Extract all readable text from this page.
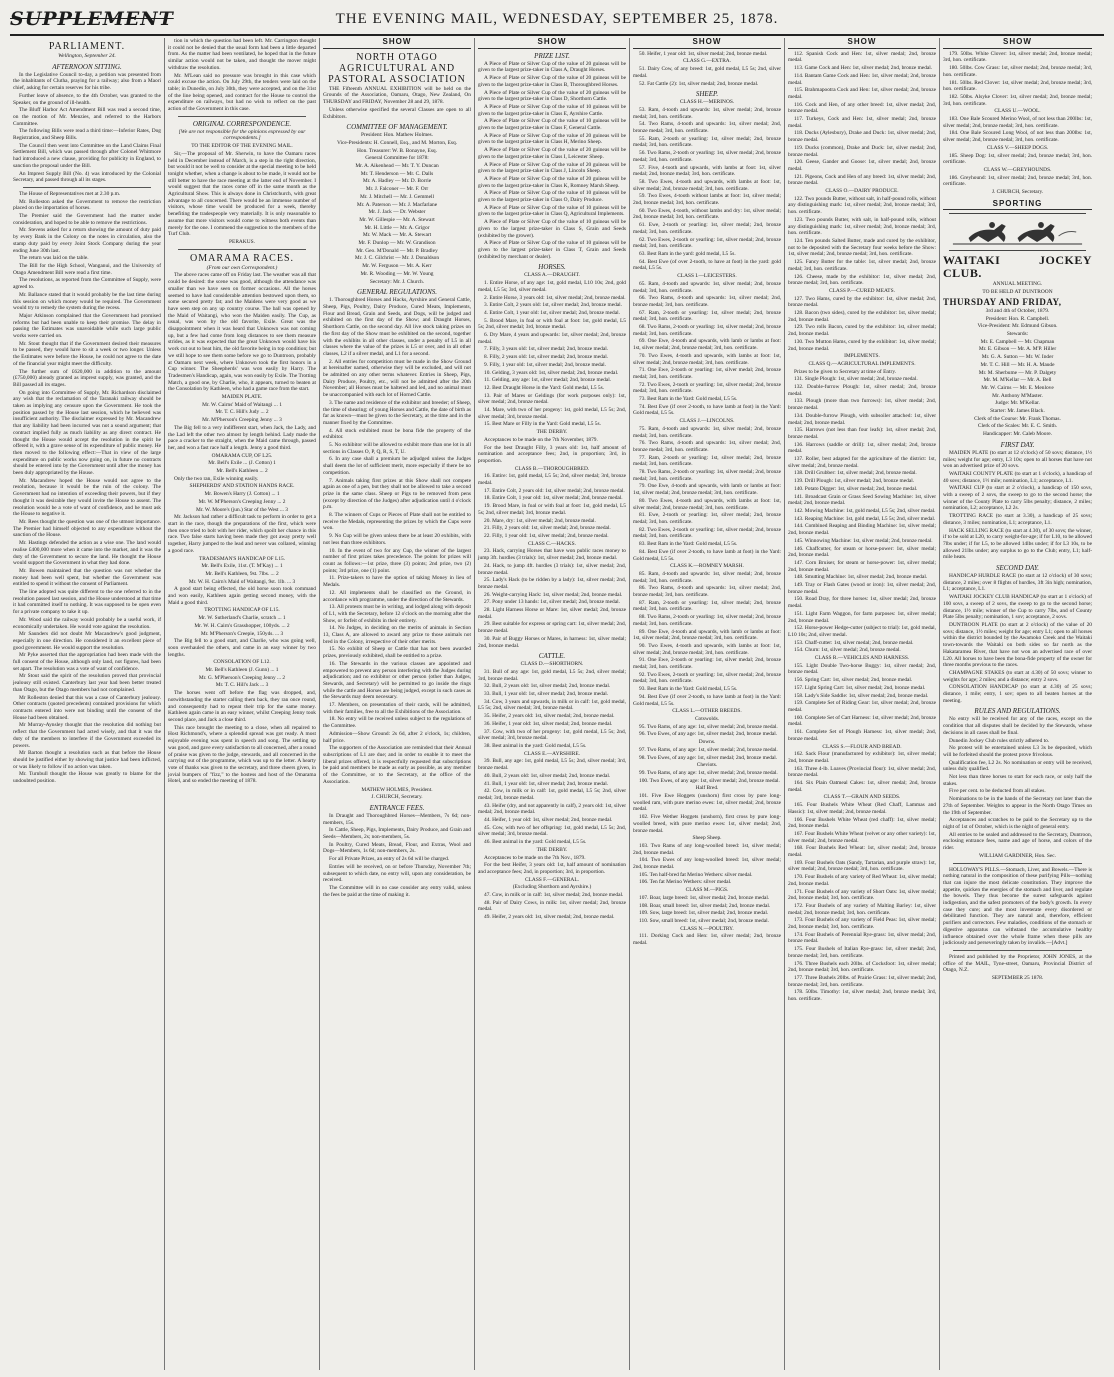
SUPPLEMENT	THE EVENING MAIL, WEDNESDAY, SEPTEMBER 25, 1878.
PARLIAMENT.
Wellington, September 24.
AFTERNOON SITTING.
In the Legislative Council to-day, a petition was presented from the inhabitants of Clutha, praying for a railway; also from a Maori chief, asking for certain reserves for his tribe.
Further leave of absence, to the 4th October, was granted to the Speaker, on the ground of ill-health.
The Bluff Harbor Act Amendment Bill was read a second time, on the motion of Mr. Menzies, and referred to the Harbors Committee.
The following Bills were read a third time:—Inferior Rates, Dog Registration, and Sheep Bills.
The Council then went into Committee on the Land Claims Final Settlement Bill, which was passed through after Colonel Whitmore had introduced a new clause, providing for publicity in England, to sanction the proposal under the Bill.
An Imprest Supply Bill (No. 4) was introduced by the Colonial Secretary, and passed through all its stages.
The House of Representatives met at 2.30 p.m.
Mr. Rolleston asked the Government to remove the restriction placed on the importation of horses.
The Premier said the Government had the matter under consideration, and hoped to be able to remove the restrictions.
Mr. Stevens asked for a return showing the amount of duty paid by every Bank in the Colony on the notes in circulation, also the stamp duty paid by every Joint Stock Company during the year ending June 30th last.
The return was laid on the table.
The Bill for the High School, Wanganui, and the University of Otago Amendment Bill were read a first time.
The resolutions, as reported from the Committee of Supply, were agreed to.
Mr. Ballance stated that it would probably be the last time during this session on which money would be required. The Government would try to remedy the system during the recess.
Major Atkinson complained that the Government had promised reforms but had been unable to keep their promise. The delay in passing the Estimates was unavoidable while such large public works were carried on.
Mr. Stout thought that if the Government desired their measures to be passed, they would have to sit a week or two longer. Unless the Estimates were before the House, he could not agree to the date of the financial year might meet the difficulty.
The further sum of £620,000 in addition to the amount (£750,000) already granted as imprest supply, was granted, and the Bill passed all its stages.
On going into Committee of Supply, Mr. Richardson disclaimed any wish that the reclamation of the Taranaki railway should be taken as implying any censure upon the Government. He took the position passed by the House last session, which he believed was insufficient authority. The disclaimer expressed by Mr. Macandrew that any liability had been incurred was not a sound argument; that contract implied fully as much liability as any direct contract. He thought the House would accept the resolution in the spirit he offered it, with a grave sense of its expenditure of public money. He then moved to the following effect:—That in view of the large expenditure on public works now going on, in future no contracts should be entered into by the Government until after the money has been duly appropriated by the House.
Mr. Macandrew hoped the House would not agree to the resolution, because it would be the ruin of the colony. The Government had no intention of exceeding their powers, but if they thought it was desirable they would invite the House to assent. The resolution would be a vote of want of confidence, and he must ask the House to negative it.
Mr. Rees thought the question was one of the utmost importance. The Premier had himself objected to any expenditure without the sanction of the House.
Mr. Hastings defended the action as a wise one. The land would realise £400,000 more when it came into the market, and it was the duty of the Government to secure the land. He thought the House would support the Government in what they had done.
Mr. Bowen maintained that the question was not whether the money had been well spent, but whether the Government was entitled to spend it without the consent of Parliament.
The line adopted was quite different to the one referred to in the resolution passed last session, and the House understood at that time it had committed itself to nothing. It was supposed to be open even for a private company to take it up.
Mr. Wood said the railway would probably be a useful work, if economically undertaken. He would vote against the resolution.
Mr Saunders did not doubt Mr Macandrew's good judgment, especially in one direction. He considered it an excellent piece of good government. He would support the resolution.
Mr Pyke asserted that the appropriation had been made with the full consent of the House, although only land, not figures, had been set apart. The resolution was a vote of want of confidence.
Mr Stout said the spirit of the resolution proved that provincial jealousy still existed. Canterbury last year had been better treated than Otago, but the Otago members had not complained.
Mr Rolleston denied that this was a case of Canterbury jealousy. Other contracts (quoted precedents) contained provisions for which contracts entered into were not binding until the consent of the House had been obtained.
Mr Murray-Aynsley thought that the resolution did nothing but reflect that the Government had acted wisely, and that it was the duty of the members to interfere if the Government exceeded its powers.
Mr Barton thought a resolution such as that before the House should be justified either by showing that justice had been inflicted, or was likely to follow if no action was taken.
Mr. Turnbull thought the House was greatly to blame for the undoubted position.
tion in which the question had been left. Mr. Carrington thought it could not be denied that the usual form had been a little departed from. As the matter had been ventilated, he hoped that in the future similar action would not be taken, and thought the mover might withdraw the resolution.
Mr. M'Lean said no pressure was brought in this case which could excuse the action. On July 29th, the tenders were laid on the table; in Dunedin, on July 30th, they were accepted, and on the 31st of the line being opened, and contract for the House to control the expenditure on railways, but had no wish to reflect on the past action of the Government in this case.
ORIGINAL CORRESPONDENCE.
[We are not responsible for the opinions expressed by our correspondents.]
TO THE EDITOR OF THE EVENING MAIL.
Sir,—The proposal of Mr. Sherwin, to have the Oamaru races held in December instead of March, is a step in the right direction, but would it not be well to consider at the special meeting to be held tonight whether, when a change is about to be made, it would not be still better to have the race meeting at the latter end of November. I would suggest that the races come off in the same month as the Agricultural Show. This is always done in Christchurch, with great advantage to all concerned. There would be an immense number of visitors, whose time would be produced for a week, thereby benefiting the tradespeople very materially. It is only reasonable to assume that more visitors would come to witness both events than merely for the one. I commend the suggestion to the members of the Turf Club.
PERAKUS.
OMARAMA RACES.
(From our own Correspondent.)
The above races came off on Friday last. The weather was all that could be desired: the scene was good, although the attendance was smaller than we have seen on former occasions. All the horses seemed to have had considerable attention bestowed upon them, so some secured pretty fat; and the Maidens were very good as we have seen step on any up country course. The ball was opened by the Maid of Waitangi, who won the Maiden easily. The Cup, as usual, was won by the old favorite, Exile. Great was the disappointment when it was heard that Unknown was not coming up, but a few had come from long distances to see them measure strides, as it was expected that the great Unknown would have his work cut out to beat him, the old favorite being in top condition; but we still hope to see them some before we go to Duntroon, probably at Oamaru next week, where Unknown took the first honors in a Cup winner. The Sheepherds' was won easily by Harry. The Tradesmen's Handicap, again, was won easily by Exile. The Trotting Match, a good one, by Charlie, who, it appears, turned to beaten at the Consolation by Kathleen, who had a game race from the start.
MAIDEN PLATE.
Mr. W. Cairns' Maid of Waitangi ... 1
Mr. T. C. Hill's Judy ... 2
Mr. M'Pherson's Creeping Jenny ... 3
The Big fell to a very indifferent start, when Jack, the Lady, and the Lad left the other two almost by length behind. Lady made the pace a cracker to the straight, when the Maid came through, passed her, and won a fast race half a length. Jenny a good third.
OMARAMA CUP, OF L25.
Mr. Bell's Exile ... (J. Cotton) 1
Mr. Bell's Kathleen ... 2
Only the two ran, Exile winning easily.
SHEPHERDS' AND STATION HANDS RACE.
Mr. Bowen's Harry (J. Cotton) ... 1
Mr. W. M'Pherson's Creeping Jenny ... 2
Mr. W. Moore's (jun.) Star of the West ... 3
Mr. Jackson had rather a difficult task to perform in order to get a start in the race, though the preparations of the first, which were then once tried to bolt with her rider, which spoilt her chance in this race. Two false starts having been made they got away pretty well together, Harry jumped to the lead and never was collared, winning a good race.
TRADESMAN'S HANDICAP OF L15.
Mr. Bell's Exile, 11st. (T. M'Kay) ... 1
Mr. Bell's Kathleen, 9st. 7lbs. ... 2
Mr. W. H. Cairn's Maid of Waitangi, 9st. 1lb. ... 3
A good start being effected, the old horse soon took command and won easily, Kathleen again getting second money, with the Maid a good third.
TROTTING HANDICAP OF L15.
Mr. W. Sutherland's Charlie, scratch ... 1
Mr. W. H. Cairn's Grasshopper, 100yds. ... 2
Mr. M'Pherson's Creepie, 150yds. ... 3
The Big fell to a good start, and Charlie, who was going well, soon overhauled the others, and came in an easy winner by two lengths.
CONSOLATION OF L12.
Mr. Bell's Kathleen (J. Gunn) ... 1
Mr. G. M'Pherson's Creeping Jenny ... 2
Mr. T. C. Hill's Jack ... 3
The horses went off before the flag was dropped, and, notwithstanding the starter calling them back, they ran once round, and consequently had to repeat their trip for the same money. Kathleen again came in an easy winner, whilst Creeping Jenny took second place, and Jack a close third.
This race brought the meeting to a close, when all repaired to Host Richmond's, where a splendid spread was got ready. A most enjoyable evening was spent in speech and song. The settling up was good, and gave every satisfaction to all concerned, after a round of praise was given to the judge, stewards, and all concerned in the carrying out of the programme, which was up to the letter. A hearty vote of thanks was given to the secretary, and three cheers given, in jovial bumpers of "fizz," to the hostess and host of the Omarama Hotel, and so ended the meeting of 1878.
SHOW
NORTH OTAGO AGRICULTURAL AND PASTORAL ASSOCIATION
THE Fifteenth ANNUAL EXHIBITION will be held on the Grounds of the Association, Oamaru, Otago, New Zealand, On THURSDAY and FRIDAY, November 28 and 29, 1878.
Unless otherwise specified the several Classes are open to all Exhibitors.
COMMITTEE OF MANAGEMENT.
President: Hon. Mathew Holmes.
Vice-Presidents: H. Connell, Esq., and M. Morton, Esq.
Hon. Treasurer: W. B. Bonayne, Esq.
General Committee for 1878:
Mr. A. Aikenhead — Mr. T. Y. Duncan
Mr. T. Henderson — Mr. C. Dalls
Mr. A. Hadley — Mr. D. Borrie
Mr. J. Falconer — Mr. F. Orr
Mr. J. Mitchell — Mr. J. Gemmell
Mr. A. Paterson — Mr. J. Macfarlane
Mr. J. Jack — Dr. Webster
Mr. W. Gillespie — Mr. A. Stewart
Mr. H. Little — Mr. A. Grigor
Mr. W. Mack — Mr. A. Stewart
Mr. F. Dunlop — Mr. W. Grandison
Mr. Geo. M'Donald — Mr. P. Bradley
Mr. J. C. Gilchrist — Mr. J. Donaldson
Mr. W. Ferguson — Mr. A. Kerr
Mr. R. Wooding — Mr. W. Young
Secretary: Mr. J. Church.
GENERAL REGULATIONS.
1. Thoroughbred Horses and Hacks, Ayrshire and General Cattle, Sheep, Pigs, Poultry, Dairy Produce, Cured Meats, Implements, Flour and Bread, Grain and Seeds, and Dogs, will be judged and exhibited on the first day of the Show; and Draught Horses, Shorthorn Cattle, on the second day. All live stock taking prizes on the first day of the Show must be exhibited on the second, together with the exhibits in all other classes, under a penalty of L5 in all classes where the value of the prizes is L5 or over, and in all other classes, L2 if a silver medal, and L1 for a second.
2. All entries for competition must be made in the Show Ground at hereinafter named, otherwise they will be excluded, and will not be admitted on any other terms whatever. Entries in Sheep, Pigs, Dairy Produce, Poultry, etc., will not be admitted after the 20th November; all Horses must be haltered and led, and no animal must be unaccompanied with each lot of Horned Cattle.
3. The name and residence of the exhibitor and breeder; of Sheep, the time of shearing; of young Horses and Cattle, the date of birth as far as known—must be given to the Secretary, at the time and in the manner fixed by the Committee.
4. All stock exhibited must be bona fide the property of the exhibitor.
5. No exhibitor will be allowed to exhibit more than one lot in all sections in Classes O, P, Q, R, S, T, U.
6. In any case shall a premium be adjudged unless the Judges shall deem the lot of sufficient merit, more especially if there be no competition.
7. Animals taking first prizes at this Show shall not compete again as one of a pen, but they shall not be allowed to take a second prize in the same class. Sheep or Pigs to be removed from pens (except by direction of the Judges) after adjudication until 4 o'clock p.m.
8. The winners of Cups or Pieces of Plate shall not be entitled to receive the Medals, representing the prizes by which the Cups were won.
9. No Cup will be given unless there be at least 20 exhibits, with not less than three exhibitors.
10. In the event of two for any Cup, the winner of the largest number of first prizes takes precedence. The points for prizes will count as follows:—1st prize, three (3) points; 2nd prize, two (2) points; 3rd prize, one (1) point.
11. Prize-takers to have the option of taking Money in lieu of Medals.
12. All implements shall be classified on the Ground, in accordance with programme, under the direction of the Stewards.
13. All protests must be in writing, and lodged along with deposit of L1, with the Secretary, before 12 o'clock on the morning after the Show, or forfeit of exhibits in their entirety.
14. No Judges, in deciding on the merits of animals in Section 13, Class A, are allowed to award any prize to those animals not bred in the Colony, irrespective of their other merits.
15. No exhibit of Sheep or Cattle that has not been awarded prizes, previously exhibited, shall be entitled to a prize.
16. The Stewards in the various classes are appointed and empowered to prevent any person interfering with the Judges during adjudication; and no exhibitor or other person (other than Judges, Stewards, and Secretary) will be permitted to go inside the rings while the cattle and Horses are being judged, except in such cases as the Stewards may deem necessary.
17. Members, on presentation of their cards, will be admitted, with their families, free to all the Exhibitions of the Association.
18. No entry will be received unless subject to the regulations of the Committee.
Admission—Show Ground: 2s 6d, after 2 o'clock, 1s; children, half price.
The supporters of the Association are reminded that their Annual subscriptions of L1 are due; and in order to enable it to meet the liberal prizes offered, it is respectfully requested that subscriptions be paid and members be made as early as possible, as any member of the Committee, or to the Secretary, at the office of the Association.
MATHEW HOLMES, President.
J. CHURCH, Secretary.
ENTRANCE FEES.
In Draught and Thoroughbred Horses—Members, 7s 6d; non-members, 15s.
In Cattle, Sheep, Pigs, Implements, Dairy Produce, and Grain and Seeds—Members, 2s; non-members, 5s.
In Poultry, Cured Meats, Bread, Flour, and Extras, Wool and Dogs—Members, 1s 6d; non-members, 2s.
For all Private Prizes, an entry of 2s 6d will be charged.
Entries will be received, on or before Thursday, November 7th; subsequent to which date, no entry will, upon any consideration, be received.
The Committee will in no case consider any entry valid, unless the fees be paid at the time of making it.
SHOW
PRIZE LIST.
A Piece of Plate or Silver Cup of the value of 20 guineas will be given to the largest prize-taker in Class A, Draught Horses.
A Piece of Plate or Silver Cup of the value of 20 guineas will be given to the largest prize-taker in Class B, Thoroughbred Horses.
A Piece of Plate or Silver Cup of the value of 20 guineas will be given to the largest prize-taker in Class D, Shorthorn Cattle.
A Piece of Plate or Silver Cup of the value of 10 guineas will be given to the largest prize-taker in Class E, Ayrshire Cattle.
A Piece of Plate or Silver Cup of the value of 10 guineas will be given to the largest prize-taker in Class F, General Cattle.
A Piece of Plate or Silver Cup of the value of 20 guineas will be given to the largest prize-taker in Class H, Merino Sheep.
A Piece of Plate or Silver Cup of the value of 20 guineas will be given to the largest prize-taker in Class I, Leicester Sheep.
A Piece of Plate or Silver Cup of the value of 20 guineas will be given to the largest prize-taker in Class J, Lincoln Sheep.
A Piece of Plate or Silver Cup of the value of 20 guineas will be given to the largest prize-taker in Class K, Romney Marsh Sheep.
A Piece of Plate or Silver Cup of the value of 10 guineas will be given to the largest prize-taker in Class O, Dairy Produce.
A Piece of Plate or Silver Cup of the value of 10 guineas will be given to the largest prize-taker in Class Q, Agricultural Implements.
A Piece of Plate or Silver Cup of the value of 10 guineas will be given to the largest prize-taker in Class S, Grain and Seeds (exhibited by the grower).
A Piece of Plate or Silver Cup of the value of 10 guineas will be given to the largest prize-taker in Class T, Grain and Seeds (exhibited by merchant or dealer).
HORSES.
CLASS A.—DRAUGHT.
1. Entire Horse, of any age: 1st, gold medal, L10 10s; 2nd, gold medal, L5 5s; 3rd, silver medal.
2. Entire Horse, 3 years old: 1st, silver medal; 2nd, bronze medal.
3. Entire Colt, 2 years old: 1st, silver medal; 2nd, bronze medal.
4. Entire Colt, 1 year old: 1st, silver medal; 2nd, bronze medal.
5. Brood Mare, in foal or with foal at foot: 1st, gold medal, L5 5s; 2nd, silver medal; 3rd, bronze medal.
6. Dry Mare, 4 years and upwards: 1st, silver medal; 2nd, bronze medal.
7. Filly, 3 years old: 1st, silver medal; 2nd, bronze medal.
8. Filly, 2 years old: 1st, silver medal; 2nd, bronze medal.
9. Filly, 1 year old: 1st, silver medal; 2nd, bronze medal.
10. Gelding, 3 years old: 1st, silver medal; 2nd, bronze medal.
11. Gelding, any age: 1st, silver medal; 2nd, bronze medal.
12. Best Draught Horse in the Yard: Gold medal, L5 5s.
13. Pair of Mares or Geldings (for work purposes only): 1st, silver medal; 2nd, bronze medal.
14. Mare, with two of her progeny: 1st, gold medal, L5 5s; 2nd, silver medal; 3rd, bronze medal.
15. Best Mare or Filly in the Yard: Gold medal, L5 5s.
THE DERBY.
Acceptances to be made on the 7th November, 1879.
For the best Draught Filly, 3 years old: 1st, half amount of nomination and acceptance fees; 2nd, in proportion; 3rd, in proportion.
CLASS B.—THOROUGHBRED.
16. Entire: 1st, gold medal, L5 5s; 2nd, silver medal; 3rd, bronze medal.
17. Entire Colt, 2 years old: 1st, silver medal; 2nd, bronze medal.
18. Entire Colt, 1 year old: 1st, silver medal; 2nd, bronze medal.
19. Brood Mare, in foal or with foal at foot: 1st, gold medal, L5 5s; 2nd, silver medal; 3rd, bronze medal.
20. Mare, dry: 1st, silver medal; 2nd, bronze medal.
21. Filly, 2 years old: 1st, silver medal; 2nd, bronze medal.
22. Filly, 1 year old: 1st, silver medal; 2nd, bronze medal.
CLASS C.—HACKS.
23. Hack, carrying Horses that have won public races money to jump 3ft. hurdles (3 trials): 1st, silver medal; 2nd, bronze medal.
24. Hack, to jump 4ft. hurdles (3 trials): 1st, silver medal; 2nd, bronze medal.
25. Lady's Hack (to be ridden by a lady): 1st, silver medal; 2nd, bronze medal.
26. Weight-carrying Hack: 1st, silver medal; 2nd, bronze medal.
27. Pony under 13 hands: 1st, silver medal; 2nd, bronze medal.
28. Light Harness Horse or Mare: 1st, silver medal; 2nd, bronze medal.
29. Best suitable for express or spring cart: 1st, silver medal; 2nd, bronze medal.
30. Pair of Buggy Horses or Mares, in harness: 1st, silver medal; 2nd, bronze medal.
CATTLE.
CLASS D.—SHORTHORN.
31. Bull of any age: 1st, gold medal, L5 5s; 2nd, silver medal; 3rd, bronze medal.
32. Bull, 2 years old: 1st, silver medal; 2nd, bronze medal.
33. Bull, 1 year old: 1st, silver medal; 2nd, bronze medal.
34. Cow, 3 years and upwards, in milk or in calf: 1st, gold medal, L5 5s; 2nd, silver medal; 3rd, bronze medal.
35. Heifer, 2 years old: 1st, silver medal; 2nd, bronze medal.
36. Heifer, 1 year old: 1st, silver medal; 2nd, bronze medal.
37. Cow, with two of her progeny: 1st, gold medal, L5 5s; 2nd, silver medal; 3rd, bronze medal.
38. Best animal in the yard: Gold medal, L5 5s.
CLASS E.—AYRSHIRE.
39. Bull, any age: 1st, gold medal, L5 5s; 2nd, silver medal; 3rd, bronze medal.
40. Bull, 2 years old: 1st, silver medal; 2nd, bronze medal.
41. Bull, 1 year old: 1st, silver medal; 2nd, bronze medal.
42. Cow, in milk or in calf: 1st, gold medal, L5 5s; 2nd, silver medal; 3rd, bronze medal.
43. Heifer (dry, and not apparently in calf), 2 years old: 1st, silver medal; 2nd, bronze medal.
44. Heifer, 1 year old: 1st, silver medal; 2nd, bronze medal.
45. Cow, with two of her offspring: 1st, gold medal, L5 5s; 2nd, silver medal; 3rd, bronze medal.
46. Best animal in the yard: Gold medal, L5 5s.
THE DERBY.
Acceptances to be made on the 7th Nov., 1879.
For the best Heifer, 3 years old: 1st, half amount of nomination and acceptance fees; 2nd, in proportion; 3rd, in proportion.
CLASS F.—GENERAL.
(Excluding Shorthorn and Ayrshire.)
47. Cow, in milk or in calf: 1st, silver medal; 2nd, bronze medal.
48. Pair of Dairy Cows, in milk: 1st, silver medal; 2nd, bronze medal.
49. Heifer, 2 years old: 1st, silver medal; 2nd, bronze medal.
SHOW
50. Heifer, 1 year old: 1st, silver medal; 2nd, bronze medal.
CLASS G.—EXTRA.
51. Dairy Cow, of any breed: 1st, gold medal, L5 5s; 2nd, silver medal.
52. Fat Cattle (2): 1st, silver medal; 2nd, bronze medal.
SHEEP.
CLASS H.—MERINOS.
53. Ram, 4-tooth and upwards: 1st, silver medal; 2nd, bronze medal; 3rd, hon. certificate.
54. Two Rams, 4-tooth and upwards: 1st, silver medal; 2nd, bronze medal; 3rd, hon. certificate.
55. Ram, 2-tooth or yearling: 1st, silver medal; 2nd, bronze medal; 3rd, hon. certificate.
56. Two Rams, 2-tooth or yearling: 1st, silver medal; 2nd, bronze medal; 3rd, hon. certificate.
57. Five, 4-tooth and upwards, with lambs at foot: 1st, silver medal; 2nd, bronze medal; 3rd, hon. certificate.
58. Two Ewes, 4-tooth and upwards, with lambs at foot: 1st, silver medal; 2nd, bronze medal; 3rd, hon. certificate.
59. Two Ewes, 4-tooth without lambs at foot: 1st, silver medal; 2nd, bronze medal; 3rd, hon. certificate.
60. Two Ewes, 4-tooth, without lambs and dry: 1st, silver medal; 2nd, bronze medal; 3rd, hon. certificate.
61. Ewe, 2-tooth or yearling: 1st, silver medal; 2nd, bronze medal; 3rd, hon. certificate.
62. Two Ewes, 2-tooth or yearling: 1st, silver medal; 2nd, bronze medal; 3rd, hon. certificate.
63. Best Ram in the yard: gold medal, L5 5s.
64. Best Ewe (of over 2-tooth, to have at foot) in the yard: gold medal, L5 5s.
CLASS I.—LEICESTERS.
65. Ram, 4-tooth and upwards: 1st, silver medal; 2nd, bronze medal; 3rd, hon. certificate.
66. Two Rams, 4-tooth and upwards: 1st, silver medal; 2nd, bronze medal; 3rd, hon. certificate.
67. Ram, 2-tooth or yearling: 1st, silver medal; 2nd, bronze medal; 3rd, hon. certificate.
68. Two Rams, 2-tooth or yearling: 1st, silver medal; 2nd, bronze medal; 3rd, hon. certificate.
69. One Ewe, 4-tooth and upwards, with lamb or lambs at foot: 1st, silver medal; 2nd, bronze medal; 3rd, hon. certificate.
70. Two Ewes, 4-tooth and upwards, with lambs at foot: 1st, silver medal; 2nd, bronze medal; 3rd, hon. certificate.
71. One Ewe, 2-tooth or yearling: 1st, silver medal; 2nd, bronze medal; 3rd, hon. certificate.
72. Two Ewes, 2-tooth or yearling: 1st, silver medal; 2nd, bronze medal; 3rd, hon. certificate.
73. Best Ram in the Yard: Gold medal, L5 5s.
74. Best Ewe (if over 2-tooth, to have lamb at foot) in the Yard: Gold medal, L5 5s.
CLASS J.—LINCOLNS.
75. Ram, 4-tooth and upwards: 1st, silver medal; 2nd, bronze medal; 3rd, hon. certificate.
76. Two Rams, 4-tooth and upwards: 1st, silver medal; 2nd, bronze medal; 3rd, hon. certificate.
77. Ram, 2-tooth or yearling: 1st, silver medal; 2nd, bronze medal; 3rd, hon. certificate.
78. Two Rams, 2-tooth or yearling: 1st, silver medal; 2nd, bronze medal; 3rd, hon. certificate.
79. One Ewe, 4-tooth and upwards, with lamb or lambs at foot: 1st, silver medal; 2nd, bronze medal; 3rd, hon. certificate.
80. Two Ewes, 4-tooth and upwards, with lambs at foot: 1st, silver medal; 2nd, bronze medal; 3rd, hon. certificate.
81. Ewe, 2-tooth or yearling: 1st, silver medal; 2nd, bronze medal; 3rd, hon. certificate.
82. Two Ewes, 2-tooth or yearling: 1st, silver medal; 2nd, bronze medal; 3rd, hon. certificate.
83. Best Ram in the Yard: Gold medal, L5 5s.
84. Best Ewe (if over 2-tooth, to have lamb at foot) in the Yard: Gold medal, L5 5s.
CLASS K.—ROMNEY MARSH.
85. Ram, 4-tooth and upwards: 1st, silver medal; 2nd, bronze medal; 3rd, hon. certificate.
86. Two Rams, 4-tooth and upwards: 1st, silver medal; 2nd, bronze medal; 3rd, hon. certificate.
87. Ram, 2-tooth or yearling: 1st, silver medal; 2nd, bronze medal; 3rd, hon. certificate.
88. Two Rams, 2-tooth or yearling: 1st, silver medal; 2nd, bronze medal; 3rd, hon. certificate.
89. One Ewe, 4-tooth and upwards, with lamb or lambs at foot: 1st, silver medal; 2nd, bronze medal; 3rd, hon. certificate.
90. Two Ewes, 4-tooth and upwards, with lambs at foot: 1st, silver medal; 2nd, bronze medal; 3rd, hon. certificate.
91. One Ewe, 2-tooth or yearling: 1st, silver medal; 2nd, bronze medal; 3rd, hon. certificate.
92. Two Ewes, 2-tooth or yearling: 1st, silver medal; 2nd, bronze medal; 3rd, hon. certificate.
93. Best Ram in the Yard: Gold medal, L5 5s.
94. Best Ewe (if over 2-tooth, to have lamb at foot) in the Yard: Gold medal, L5 5s.
CLASS L.—OTHER BREEDS.
Cotswolds.
95. Two Rams, of any age: 1st, silver medal; 2nd, bronze medal.
96. Two Ewes, of any age: 1st, silver medal; 2nd, bronze medal.
Downs.
97. Two Rams, of any age: 1st, silver medal; 2nd, bronze medal.
98. Two Ewes, of any age: 1st, silver medal; 2nd, bronze medal.
Cheviots.
99. Two Rams, of any age: 1st, silver medal; 2nd, bronze medal.
100. Two Ewes, of any age: 1st, silver medal; 2nd, bronze medal.
Half Bred.
101. Five Ewe Hoggets (unshorn) first cross by pure long-woolled ram, with pure merino ewes: 1st, silver medal; 2nd, bronze medal.
102. Five Wether Hoggets (unshorn), first cross by pure long-woolled breed, with pure merino ewes: 1st, silver medal; 2nd, bronze medal.
Sheep Sheep.
103. Two Rams of any long-woolled breed: 1st, silver medal; 2nd, bronze medal.
104. Two Ewes of any long-woolled breed: 1st, silver medal; 2nd, bronze medal.
105. Ten half-bred fat Merino Wethers: silver medal.
106. Ten fat Merino Wethers: silver medal.
CLASS M.—PIGS.
107. Boar, large breed: 1st, silver medal; 2nd, bronze medal.
108. Boar, small breed: 1st, silver medal; 2nd, bronze medal.
109. Sow, large breed: 1st, silver medal; 2nd, bronze medal.
110. Sow, small breed: 1st, silver medal; 2nd, bronze medal.
CLASS N.—POULTRY.
111. Dorking Cock and Hen: 1st, silver medal; 2nd, bronze medal.
SHOW
112. Spanish Cock and Hen: 1st, silver medal; 2nd, bronze medal.
113. Game Cock and Hen: 1st, silver medal; 2nd, bronze medal.
114. Bantam Game Cock and Hen: 1st, silver medal; 2nd, bronze medal.
115. Brahmapootra Cock and Hen: 1st, silver medal; 2nd, bronze medal.
116. Cock and Hen, of any other breed: 1st, silver medal; 2nd, bronze medal.
117. Turkeys, Cock and Hen: 1st, silver medal; 2nd, bronze medal.
118. Ducks (Aylesbury), Drake and Duck: 1st, silver medal; 2nd, bronze medal.
119. Ducks (common), Drake and Duck: 1st, silver medal; 2nd, bronze medal.
120. Geese, Gander and Goose: 1st, silver medal; 2nd, bronze medal.
121. Pigeons, Cock and Hen of any breed: 1st, silver medal; 2nd, bronze medal.
CLASS O.—DAIRY PRODUCE.
122. Two pounds Butter, without salt, in half-pound rolls, without any distinguishing mark: 1st, silver medal; 2nd, bronze medal; 3rd, hon. certificate.
123. Two pounds Butter, with salt, in half-pound rolls, without any distinguishing mark: 1st, silver medal; 2nd, bronze medal; 3rd, hon. certificate.
124. Ten pounds Salted Butter, made and cured by the exhibitor, not to be deposited with the Secretary four weeks before the Show: 1st, silver medal; 2nd, bronze medal; 3rd, hon. certificate.
125. Fancy Butter for the table: 1st, silver medal; 2nd, bronze medal; 3rd, hon. certificate.
126. Cheese, made by the exhibitor: 1st, silver medal; 2nd, bronze medal; 3rd, hon. certificate.
CLASS P.—CURED MEATS.
127. Two Hams, cured by the exhibitor: 1st, silver medal; 2nd, bronze medal.
128. Bacon (two sides), cured by the exhibitor: 1st, silver medal; 2nd, bronze medal.
129. Two rolls Bacon, cured by the exhibitor: 1st, silver medal; 2nd, bronze medal.
130. Two Mutton Hams, cured by the exhibitor: 1st, silver medal; 2nd, bronze medal.
IMPLEMENTS.
CLASS Q.—AGRICULTURAL IMPLEMENTS.
Prizes to be given to Secretary at time of Entry.
131. Single Plough: 1st, silver medal; 2nd, bronze medal.
132. Double-furrow Plough: 1st, silver medal; 2nd, bronze medal.
133. Plough (more than two furrows): 1st, silver medal; 2nd, bronze medal.
134. Double-furrow Plough, with subsoiler attached: 1st, silver medal; 2nd, bronze medal.
135. Harrows (not less than four leafs): 1st, silver medal; 2nd, bronze medal.
136. Harrows (saddle or drill): 1st, silver medal; 2nd, bronze medal.
137. Roller, best adapted for the agriculture of the district: 1st, silver medal; 2nd, bronze medal.
138. Drill Grubber: 1st, silver medal; 2nd, bronze medal.
139. Drill Plough: 1st, silver medal; 2nd, bronze medal.
140. Potato Digger: 1st, silver medal; 2nd, bronze medal.
141. Broadcast Grain or Grass Seed Sowing Machine: 1st, silver medal; 2nd, bronze medal.
142. Mowing Machine: 1st, gold medal, L5 5s; 2nd, silver medal.
143. Reaping Machine: 1st, gold medal, L5 5s; 2nd, silver medal.
144. Combined Reaping and Binding Machine: 1st, silver medal; 2nd, bronze medal.
145. Winnowing Machine: 1st, silver medal; 2nd, bronze medal.
146. Chaffcutter, for steam or horse-power: 1st, silver medal; 2nd, bronze medal.
147. Corn Bruiser, for steam or horse-power: 1st, silver medal; 2nd, bronze medal.
148. Smutting Machine: 1st, silver medal; 2nd, bronze medal.
149. Tray or Flash Gates (wood or iron): 1st, silver medal; 2nd, bronze medal.
150. Road Dray, for three horses: 1st, silver medal; 2nd, bronze medal.
151. Light Farm Waggon, for farm purposes: 1st, silver medal; 2nd, bronze medal.
152. Horse-power Hedge-cutter (subject to trial): 1st, gold medal, L10 10s; 2nd, silver medal.
153. Chaff-cutter: 1st, silver medal; 2nd, bronze medal.
154. Churn: 1st, silver medal; 2nd, bronze medal.
CLASS R.—VEHICLES AND HARNESS.
155. Light Double Two-horse Buggy: 1st, silver medal; 2nd, bronze medal.
156. Spring Cart: 1st, silver medal; 2nd, bronze medal.
157. Light Spring Cart: 1st, silver medal; 2nd, bronze medal.
158. Lady's Side Saddle: 1st, silver medal; 2nd, bronze medal.
159. Complete Set of Riding Gear: 1st, silver medal; 2nd, bronze medal.
160. Complete Set of Cart Harness: 1st, silver medal; 2nd, bronze medal.
161. Complete Set of Plough Harness: 1st, silver medal; 2nd, bronze medal.
CLASS S.—FLOUR AND BREAD.
162. Sack Flour (manufactured by exhibitor): 1st, silver medal; 2nd, bronze medal.
163. Three 4-lb. Loaves (Provincial flour): 1st, silver medal; 2nd, bronze medal.
164. Six Plain Oatmeal Cakes: 1st, silver medal; 2nd, bronze medal.
CLASS T.—GRAIN AND SEEDS.
165. Four Bushels White Wheat (Red Chaff, Lammas and Hassic): 1st, silver medal; 2nd, bronze medal.
166. Four Bushels White Wheat (red chaff): 1st, silver medal; 2nd, bronze medal.
167. Four Bushels White Wheat (velvet or any other variety): 1st, silver medal; 2nd, bronze medal.
168. Four Bushels Red Wheat: 1st, silver medal; 2nd, bronze medal.
169. Four Bushels Oats (Sandy, Tartarian, and purple straw): 1st, silver medal; 2nd, bronze medal; 3rd, hon. certificate.
170. Four Bushels of any variety of Red Wheat: 1st, silver medal; 2nd, bronze medal.
171. Four Bushels of any variety of Short Oats: 1st, silver medal; 2nd, bronze medal; 3rd, hon. certificate.
172. Four Bushels of any variety of Malting Barley: 1st, silver medal; 2nd, bronze medal; 3rd, hon. certificate.
173. Four Bushels of any variety of Field Peas: 1st, silver medal; 2nd, bronze medal; 3rd, hon. certificate.
174. Four Bushels of Perennial Rye-grass: 1st, silver medal; 2nd, bronze medal.
175. Four Bushels of Italian Rye-grass: 1st, silver medal; 2nd, bronze medal; 3rd, hon. certificate.
176. Three Bushels each 20lbs. of Cocksfoot: 1st, silver medal; 2nd, bronze medal; 3rd, hon. certificate.
177. Three Bushels 20lbs. of Prairie Grass: 1st, silver medal; 2nd, bronze medal; 3rd, hon. certificate.
178. 50lbs. Timothy: 1st, silver medal; 2nd, bronze medal; 3rd, hon. certificate.
SHOW
179. 50lbs. White Clover: 1st, silver medal; 2nd, bronze medal; 3rd, hon. certificate.
180. 50lbs. Cow Grass: 1st, silver medal; 2nd, bronze medal; 3rd, hon. certificate.
181. 50lbs. Red Clover: 1st, silver medal; 2nd, bronze medal; 3rd, hon. certificate.
182. 50lbs. Alsyke Clover: 1st, silver medal; 2nd, bronze medal; 3rd, hon. certificate.
CLASS U.—WOOL.
183. One Bale Scoured Merino Wool, of not less than 200lbs: 1st, silver medal; 2nd, bronze medal; 3rd, hon. certificate.
184. One Bale Scoured Long Wool, of not less than 200lbs: 1st, silver medal; 2nd, bronze medal; 3rd, hon. certificate.
CLASS V.—SHEEP DOGS.
185. Sheep Dog: 1st, silver medal; 2nd, bronze medal; 3rd, hon. certificate.
CLASS W.—GREYHOUNDS.
186. Greyhound: 1st, silver medal; 2nd, bronze medal; 3rd, hon. certificate.
J. CHURCH, Secretary.
SPORTING
WAITAKI JOCKEY CLUB.
ANNUAL MEETING.
TO BE HELD AT DUNTROON
THURSDAY AND FRIDAY,
3rd and 4th of October, 1879.
President: Hon. R. Campbell.
Vice-President: Mr. Edmund Gibson.
Stewards:
Mr. E. Campbell — Mr. Chapman
Mr. E. Gibson — Mr. A. M'P. Hiller
Mr. G. A. Sutton — Mr. W. Inder
Mr. T. C. Hill — Mr. H. A. Maude
Mr. M. Sherbume — Mr. P. Dalgety
Mr. M. M'Kellar — Mr. A. Bell
Mr. W. Cairns — Mr. E. Menlove
Mr. Anthony M'Master.
Judge: Mr. M'Kellar.
Starter: Mr. James Black.
Clerk of the Course: Mr. Frank Thomas.
Clerk of the Scales: Mr. E. C. Smith.
Handicapper: Mr. Caleb Moore.
FIRST DAY.
MAIDEN PLATE (to start at 12 o'clock) of 50 sovs; distance, 1½ miles; weight for age; entry, L3 10s; open to all horses that have not won an advertised prize of 20 sovs.
WAITAKI COUNTY PLATE (to start at 1 o'clock), a handicap of 40 sovs; distance, 1½ mile; nomination, L1; acceptance, L1.
WAITAKI CUP (to start at 2 o'clock), a handicap of 150 sovs, with a sweep of 2 sovs, the sweep to go to the second horse; the winner of the County Plate to carry 5lbs penalty; distance, 2 miles; nomination, L2; acceptance, L2 2s.
TROTTING RACE (to start at 3.30), a handicap of 25 sovs; distance, 3 miles; nomination, L1; acceptance, L1.
HACK SELLING RACE (to start at 4.30), of 30 sovs; the winner, if to be sold at L20, to carry weight-for-age; if for L10, to be allowed 7lbs under; if for L5, to be allowed 14lbs under; if for L3 10s, to be allowed 21lbs under; any surplus to go to the Club; entry, L1; half-mile heats.
SECOND DAY.
HANDICAP HURDLE RACE (to start at 12 o'clock) of 30 sovs; distance, 2 miles; over 8 flights of hurdles, 3ft 3in high; nomination, L1; acceptance, L1.
WAITAKI JOCKEY CLUB HANDICAP (to start at 1 o'clock) of 100 sovs, a sweep of 2 sovs, the sweep to go to the second horse; distance, 1½ mile; winner of the Cup to carry 7lbs, and of County Plate 5lbs penalty; nomination, 1 sov; acceptance, 2 sovs.
DUNTROON PLATE (to start at 2 o'clock) of the value of 20 sovs; distance, 1½ miles; weight for age; entry L1; open to all horses within the district bounded by the Awamoko Creek and the Waitaki town-towards the Waitaki on both sides so far north as the Hakataramea River, that have not won an advertised race of over L20. All horses to have been the bona-fide property of the owner for three months previous to the races.
CHAMPAGNE STAKES (to start at 4.30) of 50 sovs; winner to weights for age; 2 miles; and a distance; entry 2 sovs.
CONSOLATION HANDICAP (to start at 4.30) of 25 sovs; distance, 1 mile; entry, 1 sov; open to all beaten horses at the meeting.
RULES AND REGULATIONS.
No entry will be received for any of the races, except on the condition that all disputes shall be decided by the Stewards, whose decisions in all cases shall be final.
Dunedin Jockey Club rules strictly adhered to.
No protest will be entertained unless L3 3s be deposited, which will be forfeited should the protest prove frivolous.
Qualification fee, L2 2s. No nomination or entry will be received, unless duly qualified.
Not less than three horses to start for each race, or only half the stakes.
Five per cent. to be deducted from all stakes.
Nominations to be in the hands of the Secretary not later than the 27th of September. Weights to appear in the North Otago Times on the 19th of September.
Acceptances and scratches to be paid to the Secretary up to the night of 1st of October, which is the night of general entry.
All entries to be sealed and addressed to the Secretary, Duntroon, enclosing entrance fees, name and age of horse, and colors of the rider.
WILLIAM GARDINER, Hon. Sec.
HOLLOWAY'S PILLS.—Stomach, Liver, and Bowels.—There is nothing natural in the composition of these purifying Pills—nothing that can injure the most delicate constitution. They improve the appetite, quicken the energies of the stomach and liver, and regulate the bowels. They thus become the surest safeguards against indigestion, and the safest promoters of the body's growth. In every case they cure; and the most inveterate every disordered or debilitated function. They are natural and, therefore, efficient purifiers and correctors. Few maladies, conditions of the stomach or digestive apparatus can withstand the accumulative healthy influence obtained over the whole frame when these pills are judiciously and perseveringly taken by invalids.—[Advt.]
Printed and published by the Proprietor, JOHN JONES, at the office of the MAIL, Tyne-street, Oamaru, Provincial District of Otago, N.Z.
SEPTEMBER 25 1878.
